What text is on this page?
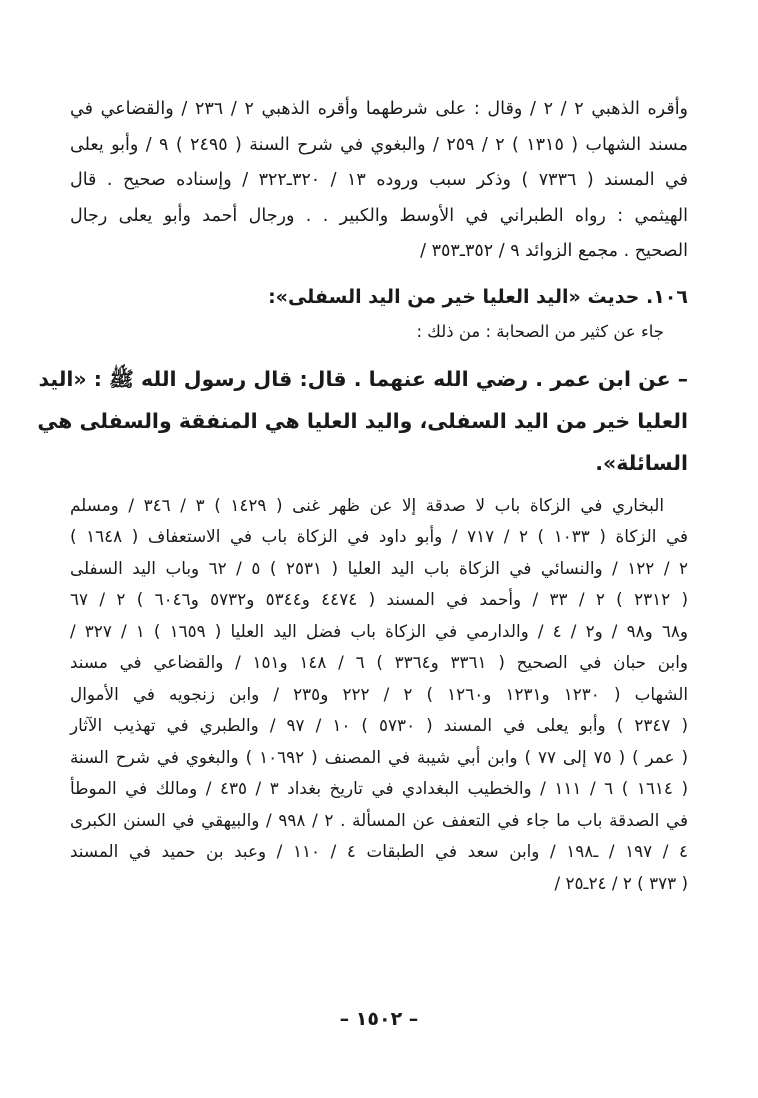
وأقره الذهبي ٢ / ٢ / وقال : على شرطهما وأقره الذهبي ٢ / ٢٣٦ / والقضاعي في
مسند الشهاب ( ١٣١٥ ) ٢ / ٢٥٩ / والبغوي في شرح السنة ( ٢٤٩٥ ) ٩ / وأبو يعلى
في المسند ( ٧٣٣٦ ) وذكر سبب وروده ١٣ / ٣٢٠ـ٣٢٢ / وإسناده صحيح . قال
الهيثمي : رواه الطبراني في الأوسط والكبير . . ورجال أحمد وأبو يعلى رجال
الصحيح . مجمع الزوائد ٩ / ٣٥٢ـ٣٥٣ /
١٠٦. حديث «اليد العليا خير من اليد السفلى»:
جاء عن كثير من الصحابة : من ذلك :
– عن ابن عمر . رضي الله عنهما . قال: قال رسول الله ﷺ : «اليد
العليا خير من اليد السفلى، واليد العليا هي المنفقة والسفلى هي
السائلة».
البخاري في الزكاة باب لا صدقة إلا عن ظهر غنى ( ١٤٢٩ ) ٣ / ٣٤٦ / ومسلم
في الزكاة ( ١٠٣٣ ) ٢ / ٧١٧ / وأبو داود في الزكاة باب في الاستعفاف ( ١٦٤٨ )
٢ / ١٢٢ / والنسائي في الزكاة باب اليد العليا ( ٢٥٣١ ) ٥ / ٦٢ وباب اليد السفلى
( ٢٣١٢ ) ٢ / ٣٣ / وأحمد في المسند ( ٤٤٧٤ و٥٣٤٤ و٥٧٣٢ و٦٠٤٦ ) ٢ / ٦٧
و٦٨ و٩٨ / و٢ / ٤ / والدارمي في الزكاة باب فضل اليد العليا ( ١٦٥٩ ) ١ / ٣٢٧ /
وابن حبان في الصحيح ( ٣٣٦١ و٣٣٦٤ ) ٦ / ١٤٨ و١٥١ / والقضاعي في مسند
الشهاب ( ١٢٣٠ و١٢٣١ و١٢٦٠ ) ٢ / ٢٢٢ و٢٣٥ / وابن زنجويه في الأموال
( ٢٣٤٧ ) وأبو يعلى في المسند ( ٥٧٣٠ ) ١٠ / ٩٧ / والطبري في تهذيب الآثار
( عمر ) ( ٧٥ إلى ٧٧ ) وابن أبي شيبة في المصنف ( ١٠٦٩٢ ) والبغوي في شرح السنة
( ١٦١٤ ) ٦ / ١١١ / والخطيب البغدادي في تاريخ بغداد ٣ / ٤٣٥ / ومالك في الموطأ
في الصدقة باب ما جاء في التعفف عن المسألة . ٢ / ٩٩٨ / والبيهقي في السنن الكبرى
٤ / ١٩٧ / ـ١٩٨ / وابن سعد في الطبقات ٤ / ١١٠ / وعبد بن حميد في المسند
( ٣٧٣ ) ٢ / ٢٤ـ٢٥ /
– ١٥٠٢ –
